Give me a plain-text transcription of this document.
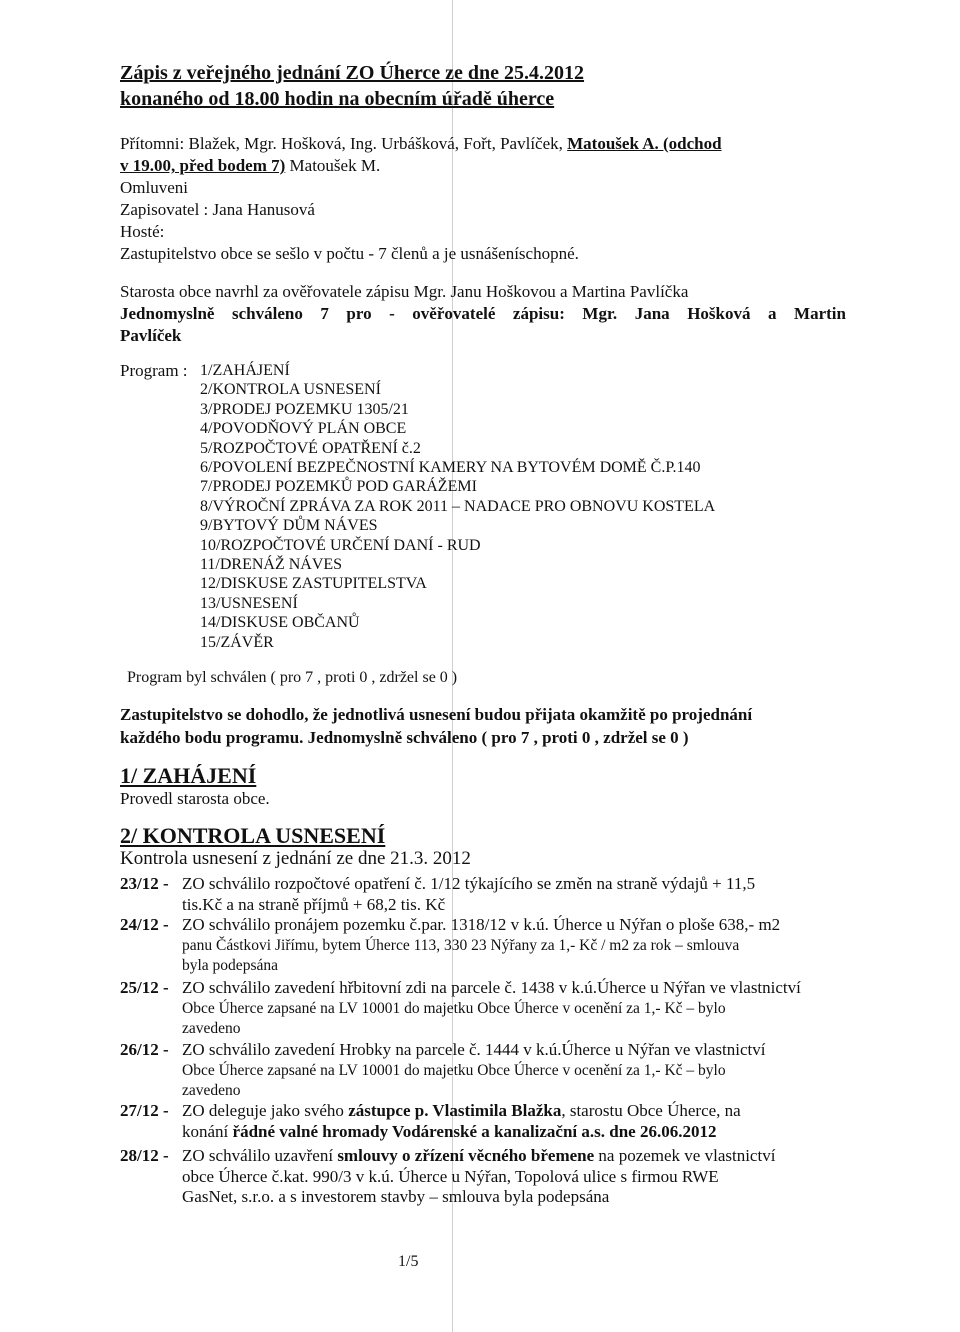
Zápis z veřejného jednání ZO Úherce ze dne 25.4.2012
konaného od 18.00 hodin na obecním úřadě úherce
Přítomni: Blažek, Mgr. Hošková, Ing. Urbášková, Fořt, Pavlíček, Matoušek A. (odchod
v 19.00, před bodem 7) Matoušek M.
Omluveni
Zapisovatel : Jana Hanusová
Hosté:
Zastupitelstvo obce se sešlo v počtu - 7 členů a je usnášeníschopné.
Starosta obce navrhl za ověřovatele zápisu Mgr. Janu Hoškovou a Martina Pavlíčka
Jednomyslně schváleno 7 pro - ověřovatelé zápisu: Mgr. Jana Hošková a Martin
Pavlíček
Program : 1/ZAHÁJENÍ
2/KONTROLA USNESENÍ
3/PRODEJ POZEMKU 1305/21
4/POVODŇOVÝ PLÁN OBCE
5/ROZPOČTOVÉ OPATŘENÍ č.2
6/POVOLENÍ BEZPEČNOSTNÍ KAMERY NA BYTOVÉM DOMĚ Č.P.140
7/PRODEJ POZEMKŮ POD GARÁŽEMI
8/VÝROČNÍ ZPRÁVA ZA ROK 2011 – NADACE PRO OBNOVU KOSTELA
9/BYTOVÝ DŮM NÁVES
10/ROZPOČTOVÉ URČENÍ DANÍ - RUD
11/DRENÁŽ NÁVES
12/DISKUSE ZASTUPITELSTVA
13/USNESENÍ
14/DISKUSE OBČANŮ
15/ZÁVĚR
Program byl schválen ( pro 7 , proti 0 , zdržel se 0 )
Zastupitelstvo se dohodlo, že jednotlivá usnesení budou přijata okamžitě po projednání
každého bodu programu. Jednomyslně schváleno ( pro 7 , proti 0 , zdržel se 0 )
1/ ZAHÁJENÍ
Provedl starosta obce.
2/ KONTROLA USNESENÍ
Kontrola usnesení z jednání ze dne 21.3. 2012
23/12 - ZO schválilo rozpočtové opatření č. 1/12 týkajícího se změn na straně výdajů + 11,5
tis.Kč a na straně příjmů + 68,2 tis. Kč
24/12 - ZO schválilo pronájem pozemku č.par. 1318/12 v k.ú. Úherce u Nýřan o ploše 638,- m2
panu Částkovi Jiřímu, bytem Úherce 113, 330 23 Nýřany za 1,- Kč / m2 za rok – smlouva
byla podepsána
25/12 - ZO schválilo zavedení hřbitovní zdi na parcele č. 1438 v k.ú.Úherce u Nýřan ve vlastnictví
Obce Úherce zapsané na LV 10001 do majetku Obce Úherce v ocenění za 1,- Kč – bylo
zavedeno
26/12 - ZO schválilo zavedení Hrobky na parcele č. 1444 v k.ú.Úherce u Nýřan ve vlastnictví
Obce Úherce zapsané na LV 10001 do majetku Obce Úherce v ocenění za 1,- Kč – bylo
zavedeno
27/12 - ZO deleguje jako svého zástupce p. Vlastimila Blažka, starostu Obce Úherce, na
konání řádné valné hromady Vodárenské a kanalizační a.s. dne 26.06.2012
28/12 - ZO schválilo uzavření smlouvy o zřízení věcného břemene na pozemek ve vlastnictví
obce Úherce č.kat. 990/3 v k.ú. Úherce u Nýřan, Topolová ulice s firmou RWE
GasNet, s.r.o. a s investorem stavby – smlouva byla podepsána
1/5
